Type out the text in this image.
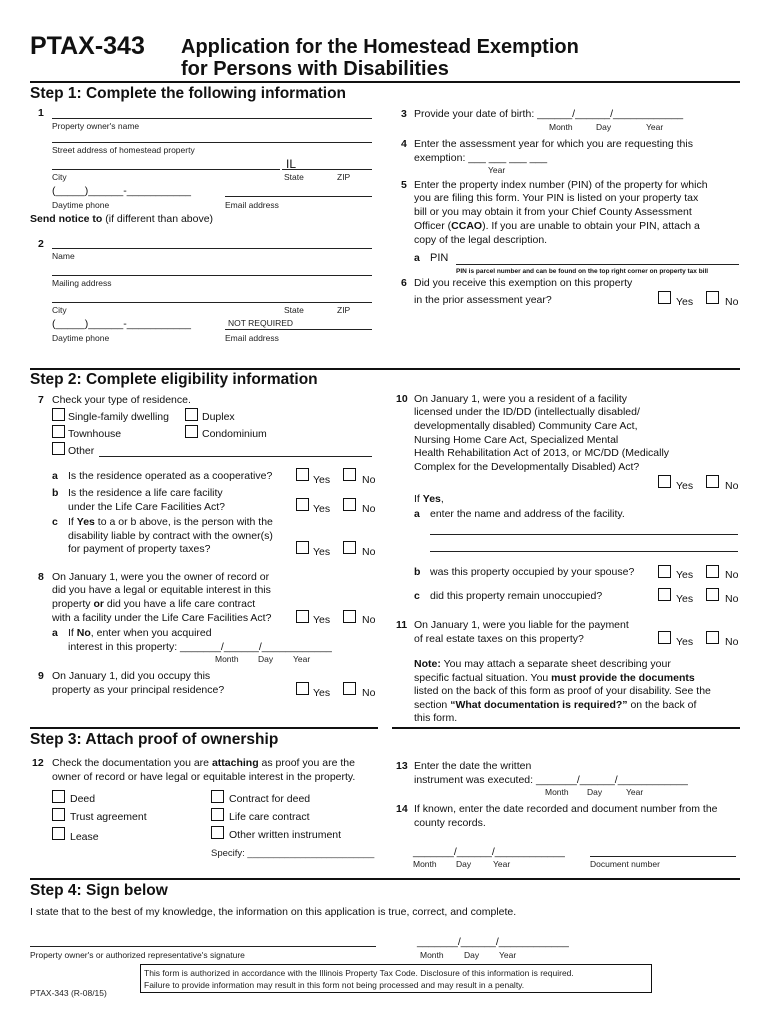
PTAX-343 Application for the Homestead Exemption
for Persons with Disabilities
Step 1: Complete the following information
1
Property owner's name
Street address of homestead property
IL
City	State	ZIP
(_____)______-___________
Daytime phone	Email address
Send notice to (if different than above)
2
Name
Mailing address
City	State	ZIP
(_____)______-___________	NOT REQUIRED
Daytime phone	Email address
3 Provide your date of birth: ______/______/____________
Month	Day	Year
4 Enter the assessment year for which you are requesting this
exemption: ___ ___ ___ ___
Year
5 Enter the property index number (PIN) of the property for which
you are filing this form. Your PIN is listed on your property tax
bill or you may obtain it from your Chief County Assessment
Officer (CCAO). If you are unable to obtain your PIN, attach a
copy of the legal description.
a PIN
PIN is parcel number and can be found on the top right corner on property tax bill
6 Did you receive this exemption on this property
in the prior assessment year?	Yes	No
Step 2: Complete eligibility information
7 Check your type of residence.
Single-family dwelling	Duplex
Townhouse	Condominium
Other
a Is the residence operated as a cooperative?	Yes	No
b Is the residence a life care facility
under the Life Care Facilities Act?	Yes	No
c If Yes to a or b above, is the person with the
disability liable by contract with the owner(s)
for payment of property taxes?	Yes	No
8 On January 1, were you the owner of record or
did you have a legal or equitable interest in this
property or did you have a life care contract
with a facility under the Life Care Facilities Act?	Yes	No
a If No, enter when you acquired
interest in this property: _______/______/____________
Month Day Year
9 On January 1, did you occupy this
property as your principal residence?	Yes	No
10 On January 1, were you a resident of a facility
licensed under the ID/DD (intellectually disabled/
developmentally disabled) Community Care Act,
Nursing Home Care Act, Specialized Mental
Health Rehabilitation Act of 2013, or MC/DD (Medically
Complex for the Developmentally Disabled) Act?
Yes	No
If Yes,
a enter the name and address of the facility.
b was this property occupied by your spouse?	Yes	No
c did this property remain unoccupied?	Yes	No
11 On January 1, were you liable for the payment
of real estate taxes on this property?	Yes	No
Note: You may attach a separate sheet describing your
specific factual situation. You must provide the documents
listed on the back of this form as proof of your disability. See the
section “What documentation is required?” on the back of
this form.
Step 3: Attach proof of ownership
12 Check the documentation you are attaching as proof you are the
owner of record or have legal or equitable interest in the property.
Deed	Contract for deed
Trust agreement	Life care contract
Lease	Other written instrument
Specify: ________________________
13 Enter the date the written
instrument was executed: _______/______/____________
Month Day	Year
14 If known, enter the date recorded and document number from the
county records.
_______/______/____________
Month Day	Year	Document number
Step 4: Sign below
I state that to the best of my knowledge, the information on this application is true, correct, and complete.
Property owner's or authorized representative's signature
_______/______/____________
Month Day Year
This form is authorized in accordance with the Illinois Property Tax Code. Disclosure of this information is required.
Failure to provide information may result in this form not being processed and may result in a penalty.
PTAX-343 (R-08/15)
